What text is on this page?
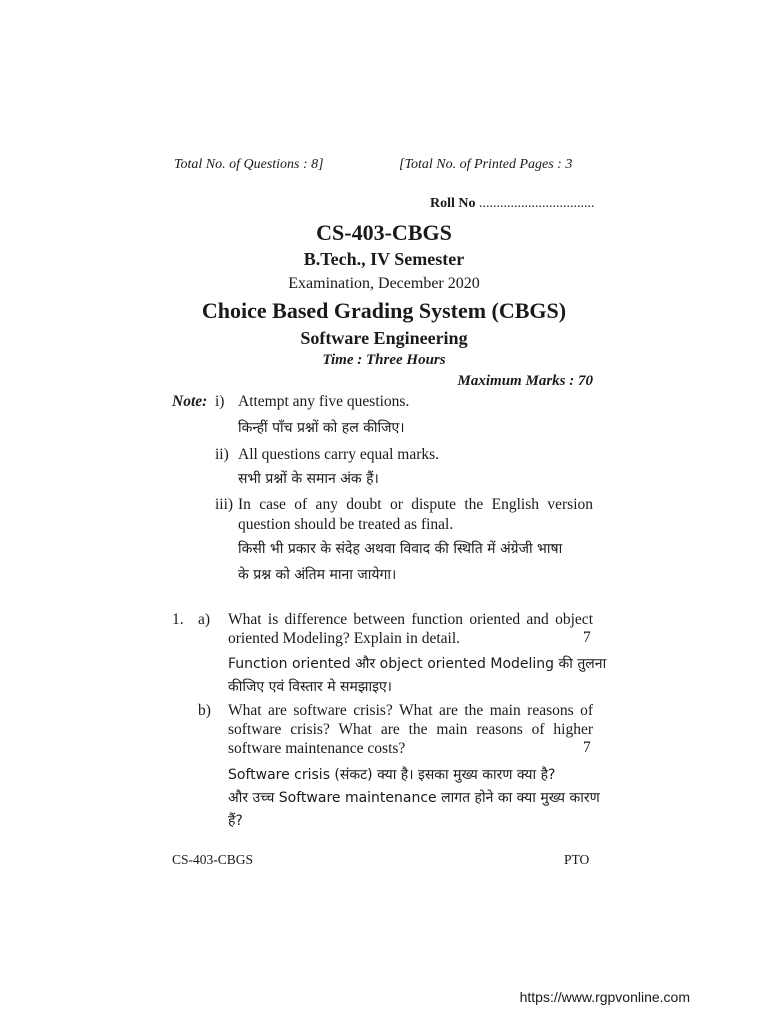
Total No. of Questions : 8]	[Total No. of Printed Pages : 3
Roll No .................................
CS-403-CBGS
B.Tech., IV Semester
Examination, December 2020
Choice Based Grading System (CBGS)
Software Engineering
Time : Three Hours
Maximum Marks : 70
Note: i) Attempt any five questions.
किन्हीं पाँच प्रश्नों को हल कीजिए।
ii) All questions carry equal marks.
सभी प्रश्नों के समान अंक हैं।
iii) In case of any doubt or dispute the English version
question should be treated as final.
किसी भी प्रकार के संदेह अथवा विवाद की स्थिति में अंग्रेजी भाषा
के प्रश्न को अंतिम माना जायेगा।
1. a) What is difference between function oriented and object
oriented Modeling? Explain in detail.	7
Function oriented और object oriented Modeling की तुलना
कीजिए एवं विस्तार मे समझाइए।
b) What are software crisis? What are the main reasons of
software crisis? What are the main reasons of higher
software maintenance costs?	7
Software crisis (संकट) क्या है। इसका मुख्य कारण क्या है?
और उच्च Software maintenance लागत होने का क्या मुख्य कारण
हैं?
CS-403-CBGS	PTO
https://www.rgpvonline.com
